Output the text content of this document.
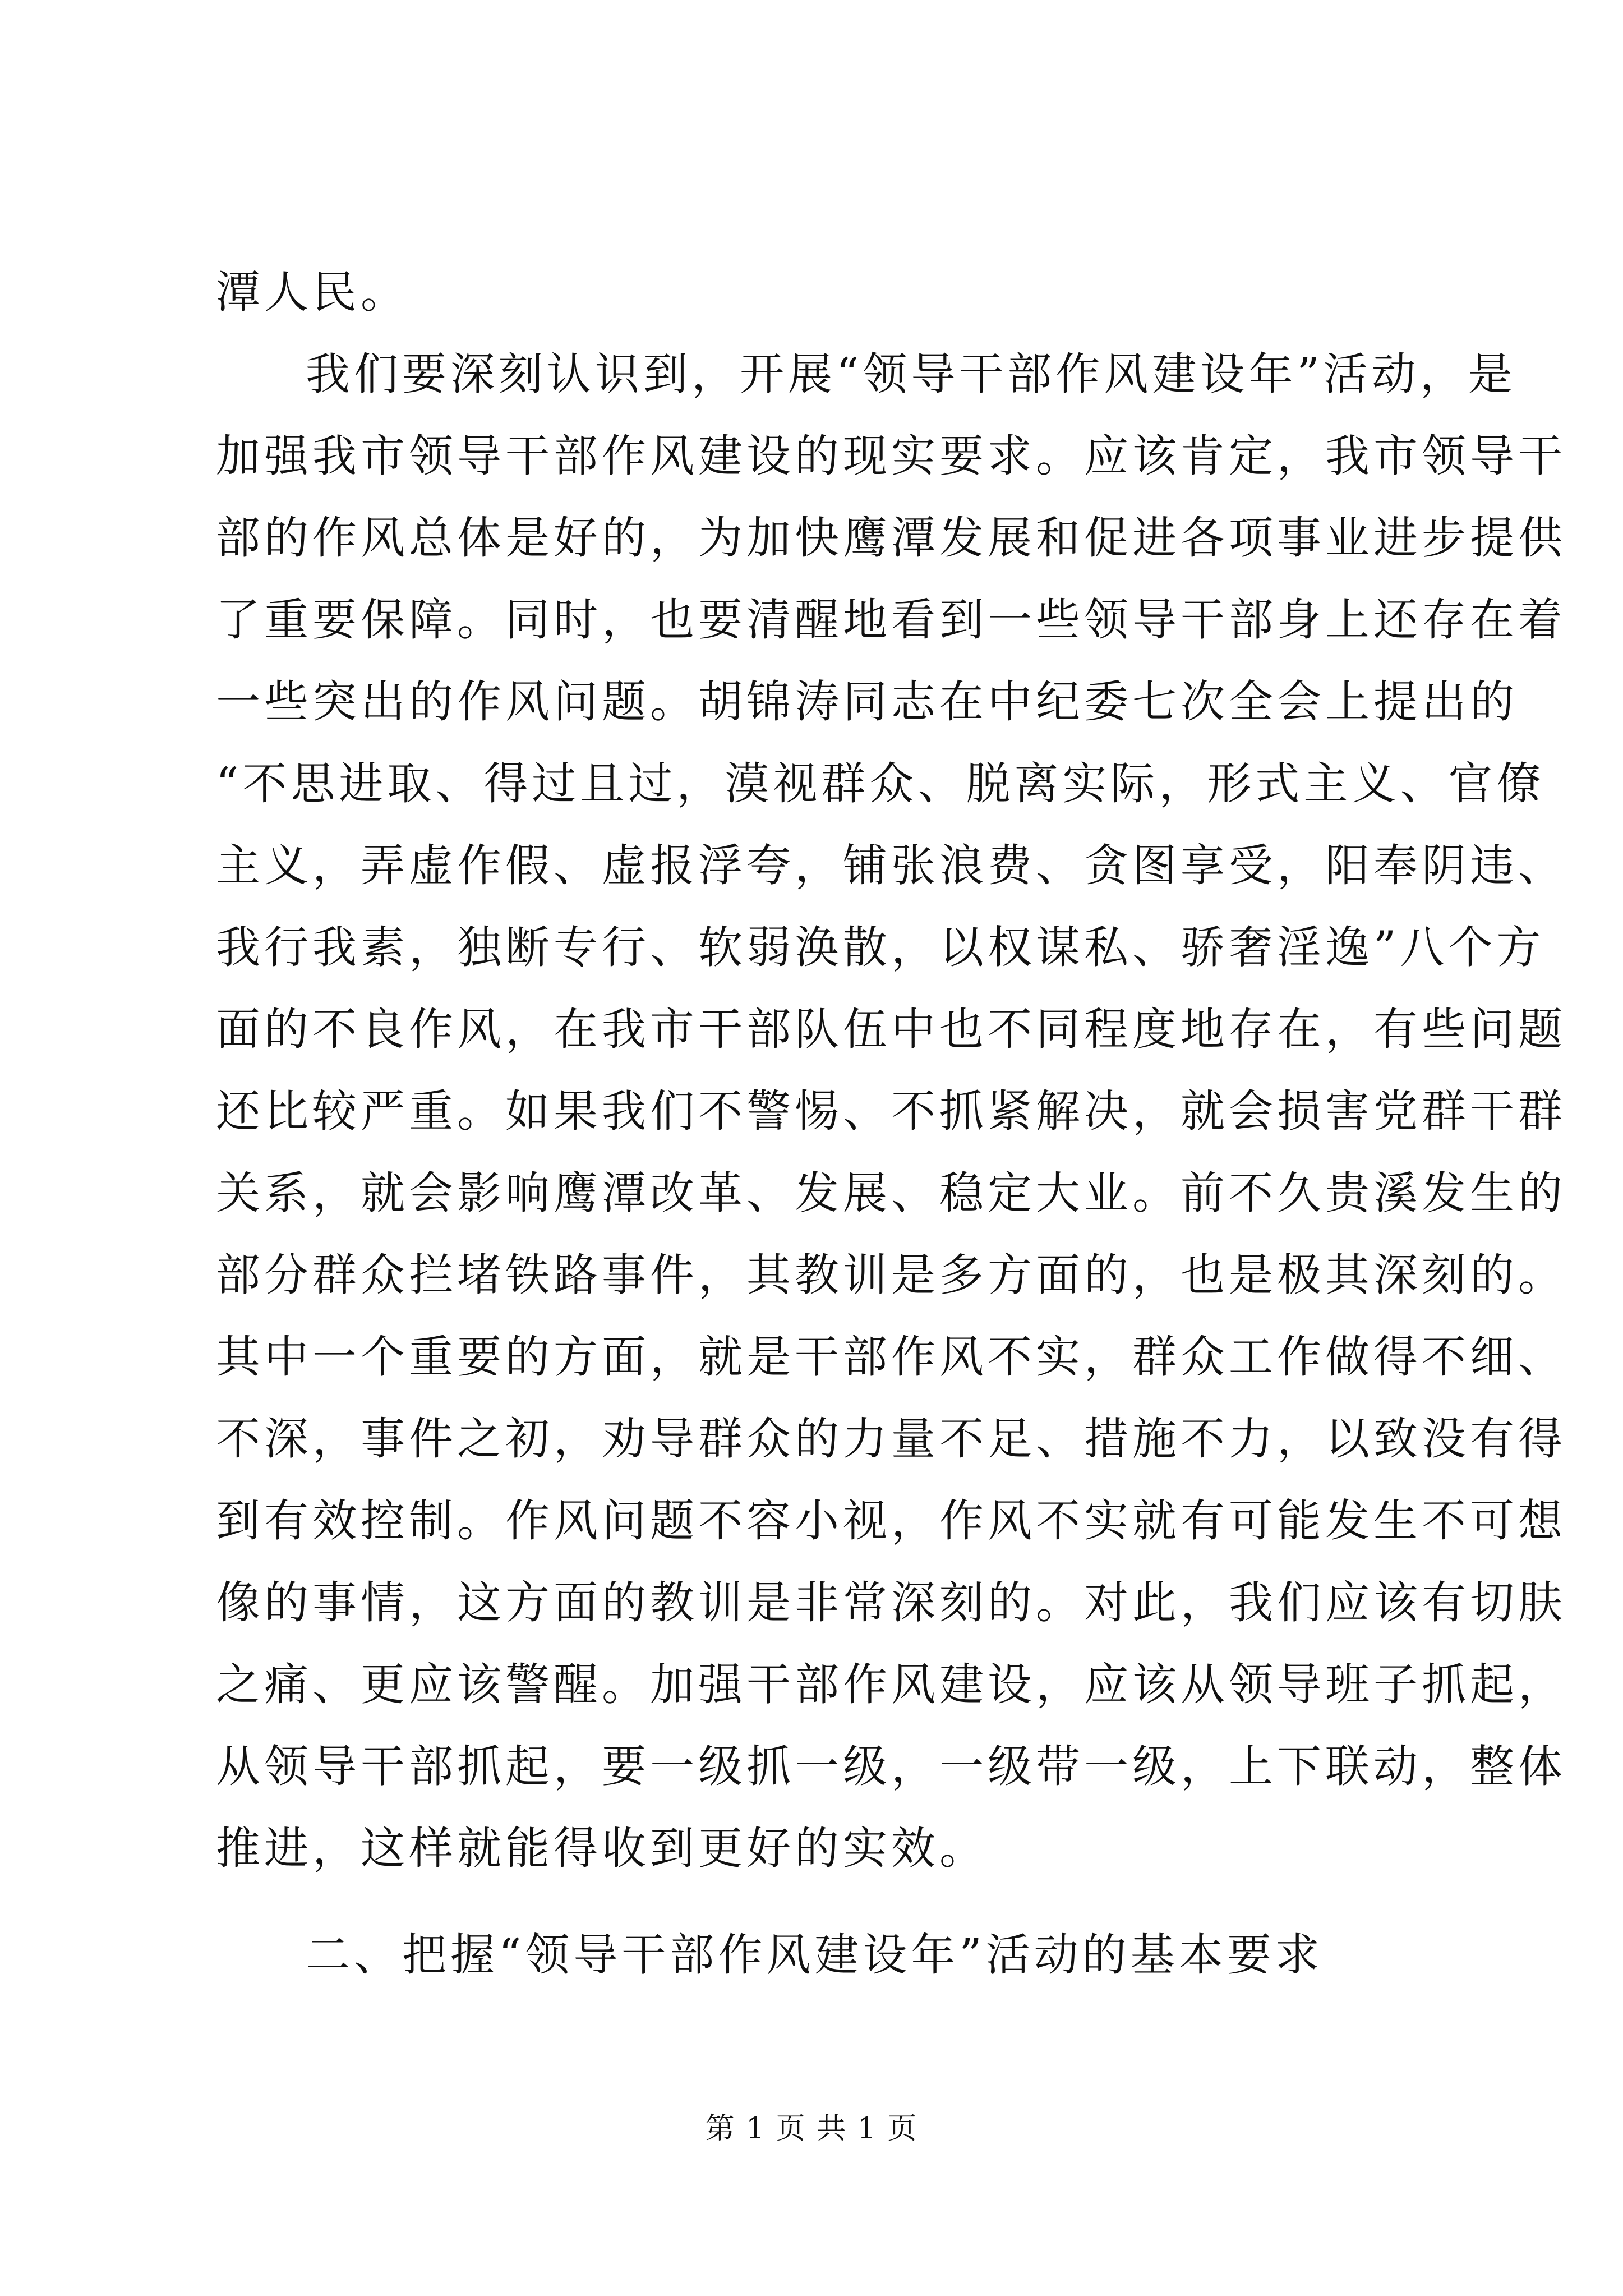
潭人民。
我们要深刻认识到，开展“领导干部作风建设年”活动，是
加强我市领导干部作风建设的现实要求。应该肯定，我市领导干
部的作风总体是好的，为加快鹰潭发展和促进各项事业进步提供
了重要保障。同时，也要清醒地看到一些领导干部身上还存在着
一些突出的作风问题。胡锦涛同志在中纪委七次全会上提出的
“不思进取、得过且过，漠视群众、脱离实际，形式主义、官僚
主义，弄虚作假、虚报浮夸，铺张浪费、贪图享受，阳奉阴违、
我行我素，独断专行、软弱涣散，以权谋私、骄奢淫逸”八个方
面的不良作风，在我市干部队伍中也不同程度地存在，有些问题
还比较严重。如果我们不警惕、不抓紧解决，就会损害党群干群
关系，就会影响鹰潭改革、发展、稳定大业。前不久贵溪发生的
部分群众拦堵铁路事件，其教训是多方面的，也是极其深刻的。
其中一个重要的方面，就是干部作风不实，群众工作做得不细、
不深，事件之初，劝导群众的力量不足、措施不力，以致没有得
到有效控制。作风问题不容小视，作风不实就有可能发生不可想
像的事情，这方面的教训是非常深刻的。对此，我们应该有切肤
之痛、更应该警醒。加强干部作风建设，应该从领导班子抓起，
从领导干部抓起，要一级抓一级，一级带一级，上下联动，整体
推进，这样就能得收到更好的实效。
二、把握“领导干部作风建设年”活动的基本要求
第 1 页 共 1 页
